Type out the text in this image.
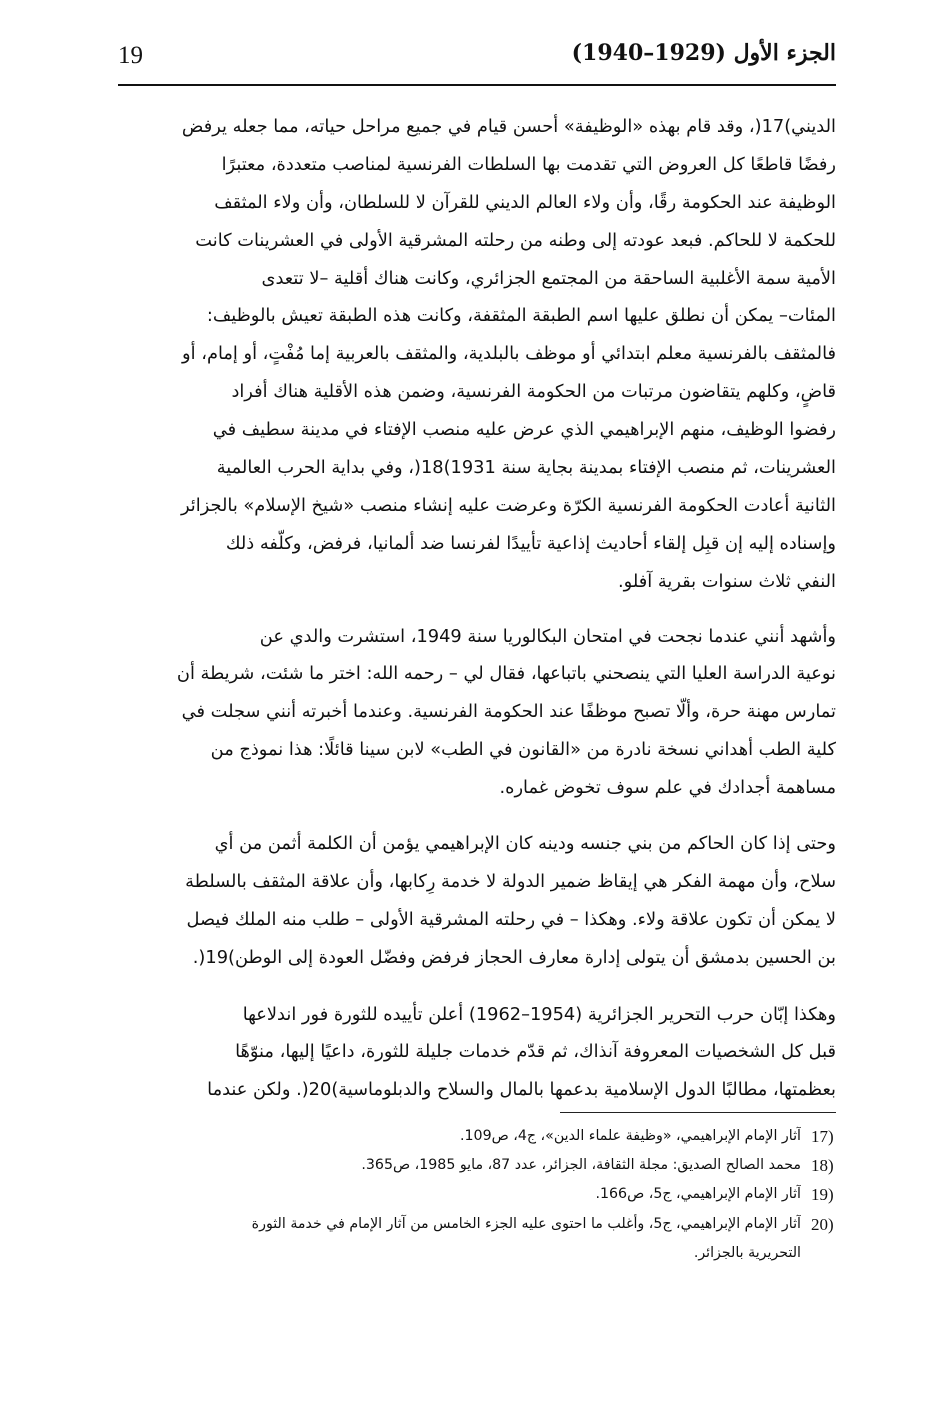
19	الجزء الأول (1929–1940)
الديني)17(، وقد قام بهذه «الوظيفة» أحسن قيام في جميع مراحل حياته، مما جعله يرفض
رفضًا قاطعًا كل العروض التي تقدمت بها السلطات الفرنسية لمناصب متعددة، معتبرًا
الوظيفة عند الحكومة رقًا، وأن ولاء العالم الديني للقرآن لا للسلطان، وأن ولاء المثقف
للحكمة لا للحاكم. فبعد عودته إلى وطنه من رحلته المشرقية الأولى في العشرينات كانت
الأمية سمة الأغلبية الساحقة من المجتمع الجزائري، وكانت هناك أقلية –لا تتعدى
المئات– يمكن أن نطلق عليها اسم الطبقة المثقفة، وكانت هذه الطبقة تعيش بالوظيف:
فالمثقف بالفرنسية معلم ابتدائي أو موظف بالبلدية، والمثقف بالعربية إما مُفْتٍ، أو إمام، أو
قاضٍ، وكلهم يتقاضون مرتبات من الحكومة الفرنسية، وضمن هذه الأقلية هناك أفراد
رفضوا الوظيف، منهم الإبراهيمي الذي عرض عليه منصب الإفتاء في مدينة سطيف في
العشرينات، ثم منصب الإفتاء بمدينة بجاية سنة 1931)18(، وفي بداية الحرب العالمية
الثانية أعادت الحكومة الفرنسية الكرّة وعرضت عليه إنشاء منصب «شيخ الإسلام» بالجزائر
وإسناده إليه إن قبِل إلقاء أحاديث إذاعية تأييدًا لفرنسا ضد ألمانيا، فرفض، وكلّفه ذلك
النفي ثلاث سنوات بقرية آفلو.
وأشهد أنني عندما نجحت في امتحان البكالوريا سنة 1949، استشرت والدي عن
نوعية الدراسة العليا التي ينصحني باتباعها، فقال لي – رحمه الله: اختر ما شئت، شريطة أن
تمارس مهنة حرة، وألّا تصبح موظفًا عند الحكومة الفرنسية. وعندما أخبرته أنني سجلت في
كلية الطب أهداني نسخة نادرة من «القانون في الطب» لابن سينا قائلًا: هذا نموذج من
مساهمة أجدادك في علم سوف تخوض غماره.
وحتى إذا كان الحاكم من بني جنسه ودينه كان الإبراهيمي يؤمن أن الكلمة أثمن من أي
سلاح، وأن مهمة الفكر هي إيقاظ ضمير الدولة لا خدمة رِكابها، وأن علاقة المثقف بالسلطة
لا يمكن أن تكون علاقة ولاء. وهكذا – في رحلته المشرقية الأولى – طلب منه الملك فيصل
بن الحسين بدمشق أن يتولى إدارة معارف الحجاز فرفض وفضّل العودة إلى الوطن)19(.
وهكذا إبّان حرب التحرير الجزائرية (1954–1962) أعلن تأييده للثورة فور اندلاعها
قبل كل الشخصيات المعروفة آنذاك، ثم قدّم خدمات جليلة للثورة، داعيًا إليها، منوّهًا
بعظمتها، مطالبًا الدول الإسلامية بدعمها بالمال والسلاح والدبلوماسية)20(. ولكن عندما
17)
آثار الإمام الإبراهيمي، «وظيفة علماء الدين»، ج4، ص109.
18)
محمد الصالح الصديق: مجلة الثقافة، الجزائر، عدد 87، مايو 1985، ص365.
19)
آثار الإمام الإبراهيمي، ج5، ص166.
20)
آثار الإمام الإبراهيمي، ج5، وأغلب ما احتوى عليه الجزء الخامس من آثار الإمام في خدمة الثورة
التحريرية بالجزائر.
